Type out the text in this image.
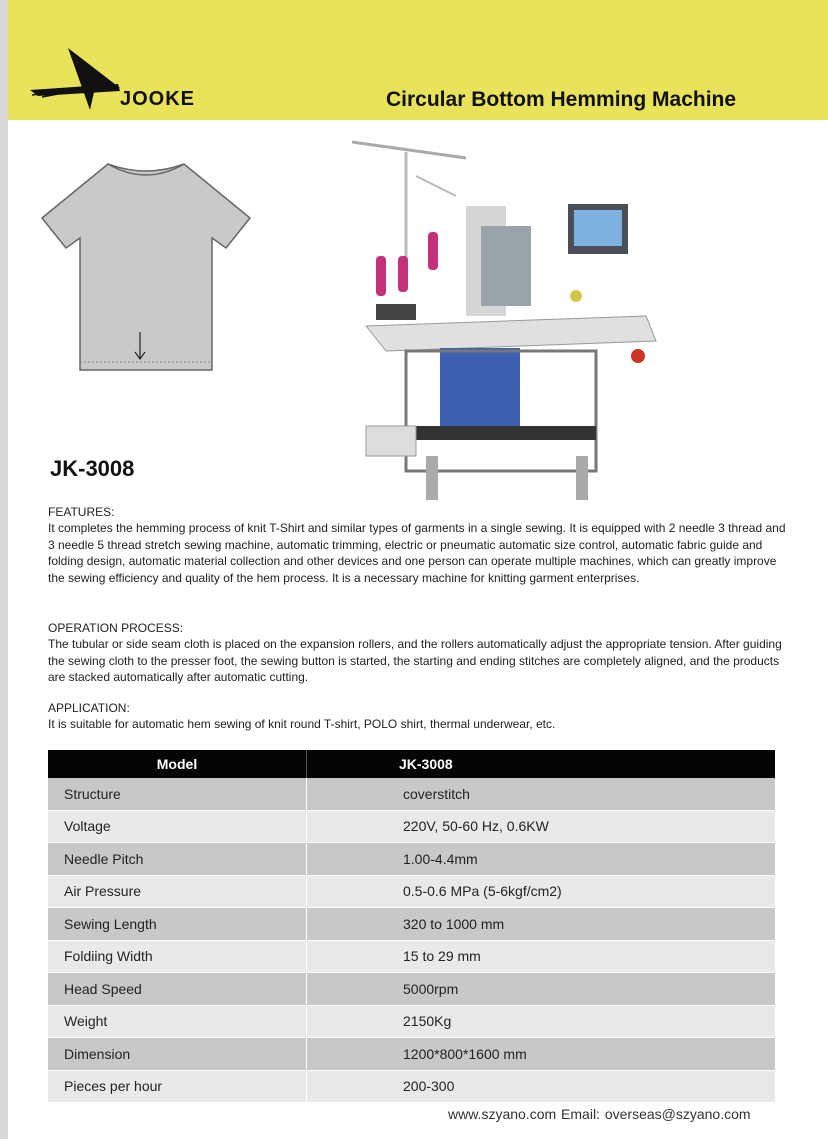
JOOKE	Circular Bottom Hemming Machine
JK-3008
FEATURES:
It completes the hemming process of knit T-Shirt and similar types of garments in a single sewing. It is equipped with 2 needle 3 thread and 3 needle 5 thread stretch sewing machine, automatic trimming, electric or pneumatic automatic size control, automatic fabric guide and folding design, automatic material collection and other devices and one person can operate multiple machines, which can greatly improve the sewing efficiency and quality of the hem process. It is a necessary machine for knitting garment enterprises.
OPERATION PROCESS:
The tubular or side seam cloth is placed on the expansion rollers, and the rollers automatically adjust the appropriate tension. After guiding the sewing cloth to the presser foot, the sewing button is started, the starting and ending stitches are completely aligned, and the products are stacked automatically after automatic cutting.
APPLICATION:
It is suitable for automatic hem sewing of knit round T-shirt, POLO shirt, thermal underwear, etc.
Model	JK-3008
Structure	coverstitch
Voltage	220V, 50-60 Hz, 0.6KW
Needle Pitch	1.00-4.4mm
Air Pressure	0.5-0.6 MPa (5-6kgf/cm2)
Sewing Length	320 to 1000 mm
Foldiing Width	15 to 29 mm
Head Speed	5000rpm
Weight	2150Kg
Dimension	1200*800*1600 mm
Pieces per hour	200-300
www.szyano.com Email: overseas@szyano.com
